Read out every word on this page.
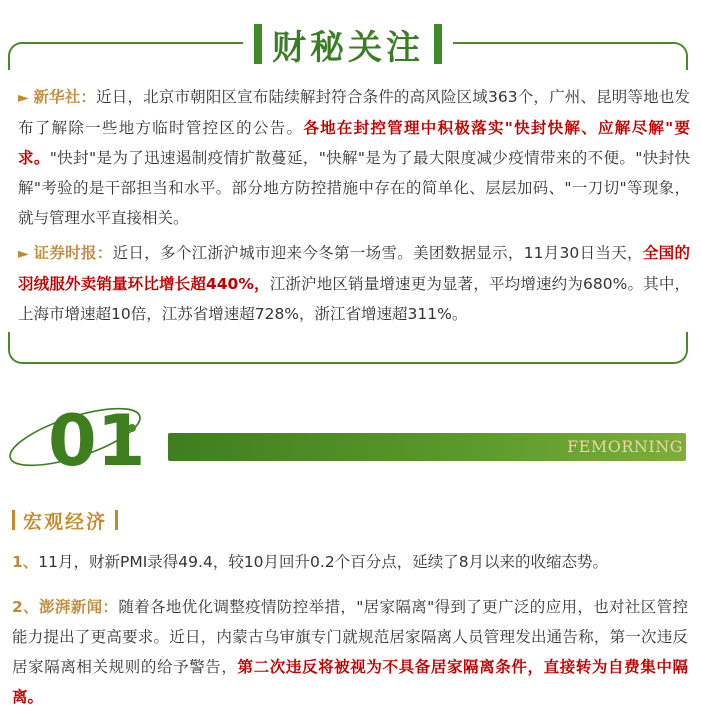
财秘关注

► 新华社：近日，北京市朝阳区宣布陆续解封符合条件的高风险区域363个，广州、昆明等地也发布了解除一些地方临时管控区的公告。各地在封控管理中积极落实"快封快解、应解尽解"要求。"快封"是为了迅速遏制疫情扩散蔓延，"快解"是为了最大限度减少疫情带来的不便。"快封快解"考验的是干部担当和水平。部分地方防控措施中存在的简单化、层层加码、"一刀切"等现象，就与管理水平直接相关。

► 证券时报：近日，多个江浙沪城市迎来今冬第一场雪。美团数据显示，11月30日当天，全国的羽绒服外卖销量环比增长超440%，江浙沪地区销量增速更为显著，平均增速约为680%。其中，上海市增速超10倍，江苏省增速超728%，浙江省增速超311%。

01	FEMORNING
宏观经济

1、11月，财新PMI录得49.4，较10月回升0.2个百分点，延续了8月以来的收缩态势。

2、澎湃新闻：随着各地优化调整疫情防控举措，"居家隔离"得到了更广泛的应用，也对社区管控能力提出了更高要求。近日，内蒙古乌审旗专门就规范居家隔离人员管理发出通告称，第一次违反居家隔离相关规则的给予警告，第二次违反将被视为不具备居家隔离条件，直接转为自费集中隔离。
